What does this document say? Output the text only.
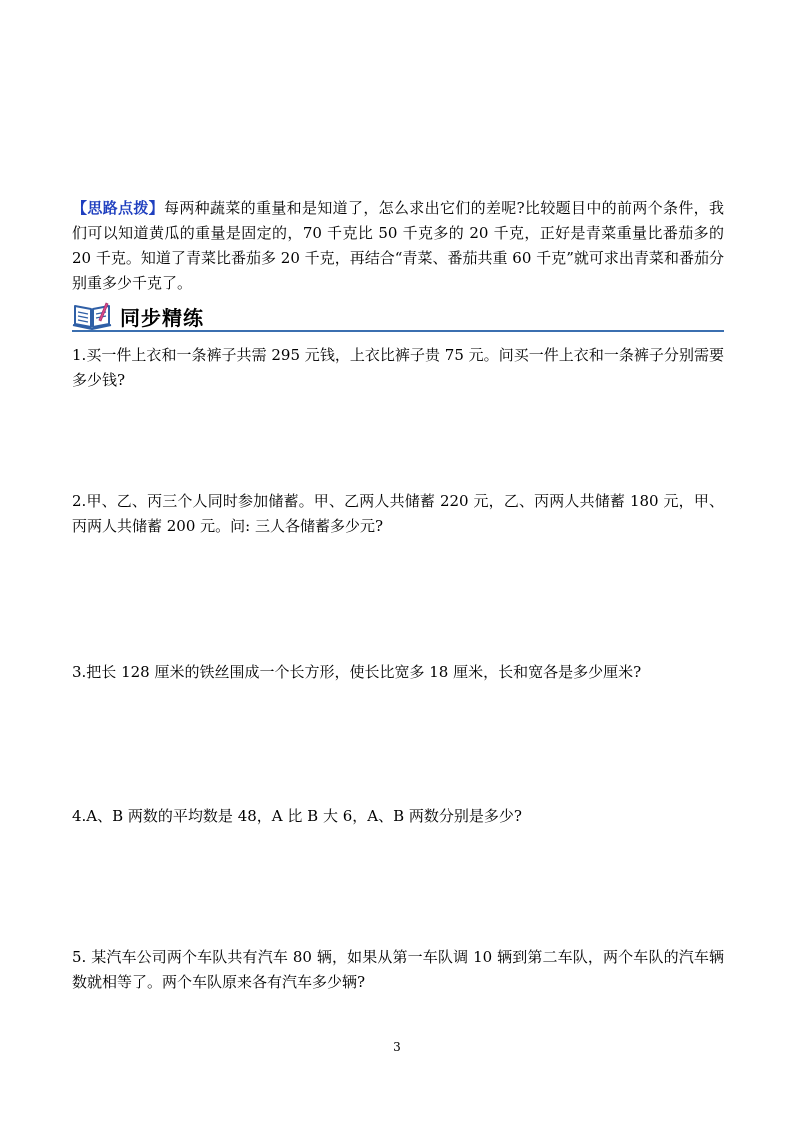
【思路点拨】每两种蔬菜的重量和是知道了，怎么求出它们的差呢?比较题目中的前两个条件，我们可以知道黄瓜的重量是固定的，70 千克比 50 千克多的 20 千克，正好是青菜重量比番茄多的 20 千克。知道了青菜比番茄多 20 千克，再结合“青菜、番茄共重 60 千克”就可求出青菜和番茄分别重多少千克了。
同步精练
1.买一件上衣和一条裤子共需 295 元钱，上衣比裤子贵 75 元。问买一件上衣和一条裤子分别需要多少钱?
2.甲、乙、丙三个人同时参加储蓄。甲、乙两人共储蓄 220 元，乙、丙两人共储蓄 180 元，甲、丙两人共储蓄 200 元。问: 三人各储蓄多少元?
3.把长 128 厘米的铁丝围成一个长方形，使长比宽多 18 厘米，长和宽各是多少厘米?
4.A、B 两数的平均数是 48，A 比 B 大 6，A、B 两数分别是多少?
5. 某汽车公司两个车队共有汽车 80 辆，如果从第一车队调 10 辆到第二车队，两个车队的汽车辆数就相等了。两个车队原来各有汽车多少辆?
3
